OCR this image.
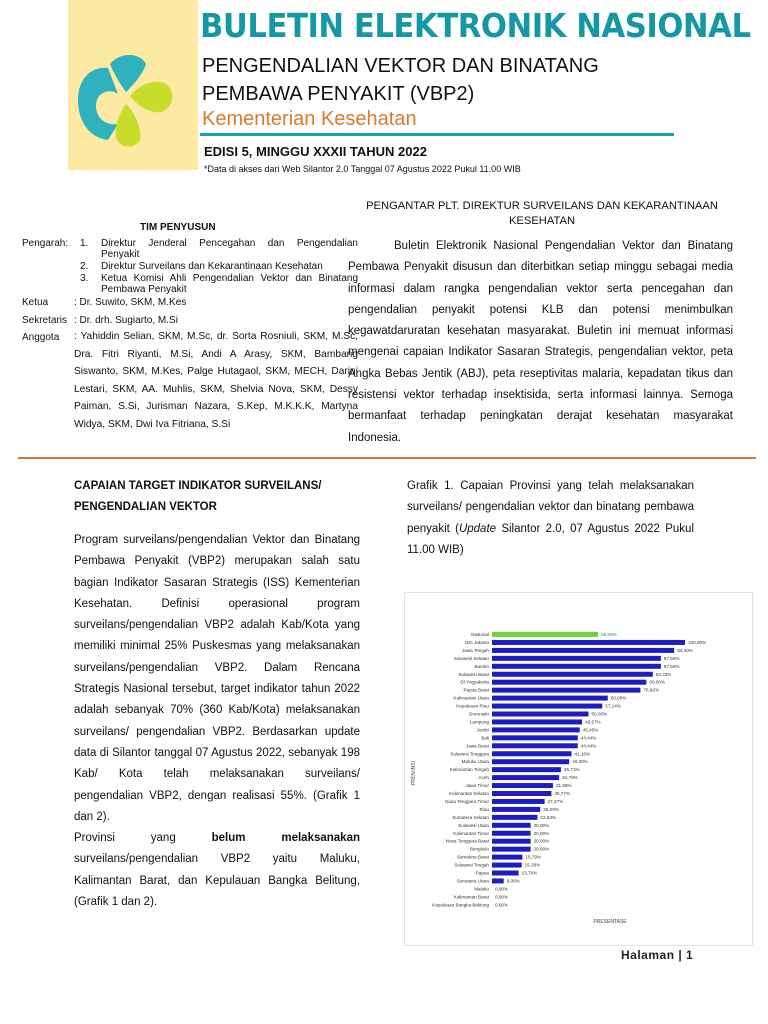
BULETIN ELEKTRONIK NASIONAL
PENGENDALIAN VEKTOR DAN BINATANG
PEMBAWA PENYAKIT (VBP2)
Kementerian Kesehatan
EDISI 5, MINGGU XXXII TAHUN 2022
*Data di akses dari Web Silantor 2.0 Tanggal 07 Agustus 2022 Pukul 11.00 WIB
TIM PENYUSUN
Pengarah: 1. Direktur Jenderal Pencegahan dan Pengendalian Penyakit
2. Direktur Surveilans dan Kekarantinaan Kesehatan
3. Ketua Komisi Ahli Pengendalian Vektor dan Binatang Pembawa Penyakit
Ketua	: Dr. Suwito, SKM, M.Kes
Sekretaris : Dr. drh. Sugiarto, M.Si
Anggota : Yahiddin Selian, SKM, M.Sc, dr. Sorta Rosniuli, SKM, M.Sc, Dra. Fitri Riyanti, M.Si, Andi A Arasy, SKM, Bambang Siswanto, SKM, M.Kes, Palge Hutagaol, SKM, MECH, Darini Lestari, SKM, AA. Muhlis, SKM, Shelvia Nova, SKM, Dessy Paiman, S.Si, Jurisman Nazara, S.Kep, M.K.K.K, Martyna Widya, SKM, Dwi Iva Fitriana, S.Si
PENGANTAR PLT. DIREKTUR SURVEILANS DAN KEKARANTINAAN KESEHATAN
Buletin Elektronik Nasional Pengendalian Vektor dan Binatang Pembawa Penyakit disusun dan diterbitkan setiap minggu sebagai media informasi dalam rangka pengendalian vektor serta pencegahan dan pengendalian penyakit potensi KLB dan potensi menimbulkan kegawatdaruratan kesehatan masyarakat. Buletin ini memuat informasi mengenai capaian Indikator Sasaran Strategis, pengendalian vektor, peta Angka Bebas Jentik (ABJ), peta reseptivitas malaria, kepadatan tikus dan resistensi vektor terhadap insektisida, serta informasi lainnya. Semoga bermanfaat terhadap peningkatan derajat kesehatan masyarakat Indonesia.
CAPAIAN TARGET INDIKATOR SURVEILANS/ PENGENDALIAN VEKTOR
Program surveilans/pengendalian Vektor dan Binatang Pembawa Penyakit (VBP2) merupakan salah satu bagian Indikator Sasaran Strategis (ISS) Kementerian Kesehatan. Definisi operasional program surveilans/pengendalian VBP2 adalah Kab/Kota yang memiliki minimal 25% Puskesmas yang melaksanakan surveilans/pengendalian VBP2. Dalam Rencana Strategis Nasional tersebut, target indikator tahun 2022 adalah sebanyak 70% (360 Kab/Kota) melaksanakan surveilans/ pengendalian VBP2. Berdasarkan update data di Silantor tanggal 07 Agustus 2022, sebanyak 198 Kab/ Kota telah melaksanakan surveilans/ pengendalian VBP2, dengan realisasi 55%. (Grafik 1 dan 2).
Provinsi yang belum melaksanakan surveilans/pengendalian VBP2 yaitu Maluku, Kalimantan Barat, dan Kepulauan Bangka Belitung, (Grafik 1 dan 2).
Grafik 1. Capaian Provinsi yang telah melaksanakan surveilans/ pengendalian vektor dan binatang pembawa penyakit (Update Silantor 2.0, 07 Agustus 2022 Pukul 11.00 WIB)
Nasional	55,00%
DKI Jakarta	100,00%
Jawa Tengah	94,40%
Sulawesi Selatan	87,50%
Banten	87,50%
Sulawesi Barat	83,33%
DI Yogyakarta	80,00%
Papua Barat	76,92%
Kalimantan Utara	60,00%
Kepulauan Riau	57,14%
Gorontalo	50,00%
Lampung	46,67%
Jambi	45,45%
Bali	44,44%
Jawa Barat	44,44%
Sulawesi Tenggara	41,18%
Maluku Utara	40,00%
Kalimantan Tengah	35,71%
Aceh	34,78%
Jawa Timur	31,58%
Kalimantan Selatan	30,77%
Nusa Tenggara Timur	27,27%
Riau	25,00%
Sumatera Selatan	23,53%
Sulawesi Utara	20,00%
Kalimantan Timur	20,00%
Nusa Tenggara Barat	20,00%
Bengkulu	20,00%
Sumatera Barat	15,79%
Sulawesi Tengah	15,38%
Papua	13,79%
Sumatera Utara	6,06%
Maluku 0,00%
Kalimantan Barat 0,00%
Kepulauan Bangka Belitung 0,00%
PROVINSI
PRESENTASE
Halaman | 1
